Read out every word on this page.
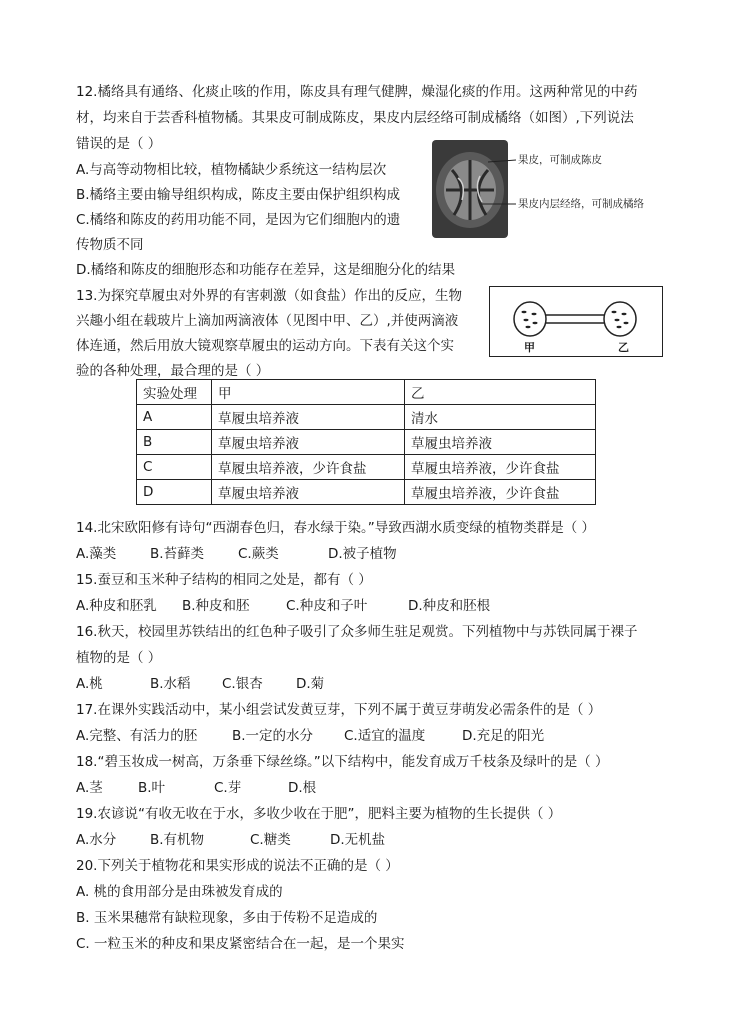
12.橘络具有通络、化痰止咳的作用，陈皮具有理气健脾，燥湿化痰的作用。这两种常见的中药
材，均来自于芸香科植物橘。其果皮可制成陈皮，果皮内层经络可制成橘络（如图）,下列说法
错误的是（ ）
A.与高等动物相比较，植物橘缺少系统这一结构层次
B.橘络主要由输导组织构成，陈皮主要由保护组织构成
C.橘络和陈皮的药用功能不同，是因为它们细胞内的遗
传物质不同
D.橘络和陈皮的细胞形态和功能存在差异，这是细胞分化的结果
果皮，可制成陈皮
果皮内层经络，可制成橘络
13.为探究草履虫对外界的有害刺激（如食盐）作出的反应，生物
兴趣小组在载玻片上滴加两滴液体（见图中甲、乙）,并使两滴液
体连通，然后用放大镜观察草履虫的运动方向。下表有关这个实
验的各种处理，最合理的是（ ）
甲	乙
实验处理	甲	乙
A	草履虫培养液	清水
B	草履虫培养液	草履虫培养液
C	草履虫培养液，少许食盐	草履虫培养液，少许食盐
D	草履虫培养液	草履虫培养液，少许食盐
14.北宋欧阳修有诗句“西湖春色归，春水绿于染。”导致西湖水质变绿的植物类群是（ ）
A.藻类 B.苔藓类	C.蕨类	D.被子植物
15.蚕豆和玉米种子结构的相同之处是，都有（ ）
A.种皮和胚乳 B.种皮和胚	C.种皮和子叶	D.种皮和胚根
16.秋天，校园里苏铁结出的红色种子吸引了众多师生驻足观赏。下列植物中与苏铁同属于裸子
植物的是（ ）
A.桃	B.水稻 C.银杏 D.菊
17.在课外实践活动中，某小组尝试发黄豆芽，下列不属于黄豆芽萌发必需条件的是（ ）
A.完整、有活力的胚	B.一定的水分 C.适宜的温度	D.充足的阳光
18.“碧玉妆成一树高，万条垂下绿丝绦。”以下结构中，能发育成万千枝条及绿叶的是（ ）
A.茎	B.叶	C.芽	D.根
19.农谚说“有收无收在于水，多收少收在于肥”，肥料主要为植物的生长提供（ ）
A.水分 B.有机物	C.糖类	D.无机盐
20.下列关于植物花和果实形成的说法不正确的是（ ）
A. 桃的食用部分是由珠被发育成的
B. 玉米果穗常有缺粒现象，多由于传粉不足造成的
C. 一粒玉米的种皮和果皮紧密结合在一起，是一个果实
